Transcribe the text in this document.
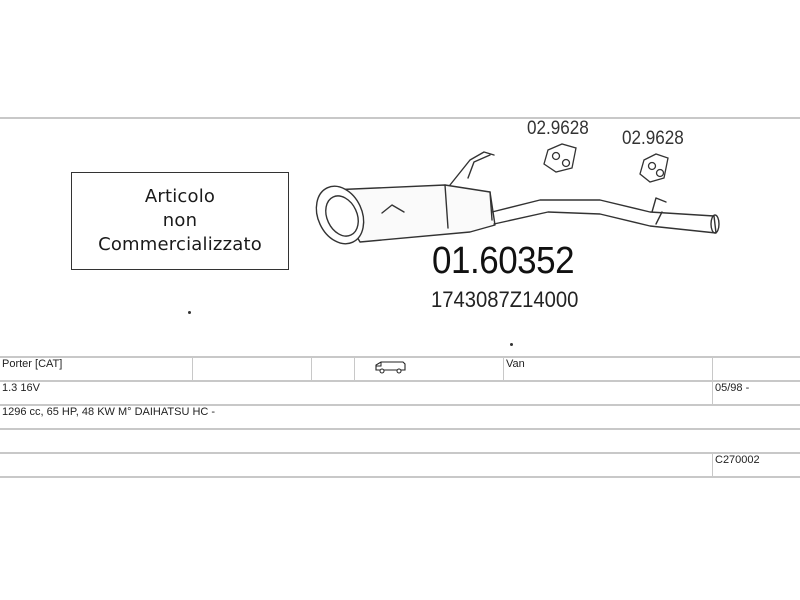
Articolo
non
Commercializzato
02.9628 02.9628
01.60352
1743087Z14000
Porter [CAT]				Van	
1.3 16V					05/98 -
1296 cc, 65 HP, 48 KW M° DAIHATSU HC -					

					C270002
